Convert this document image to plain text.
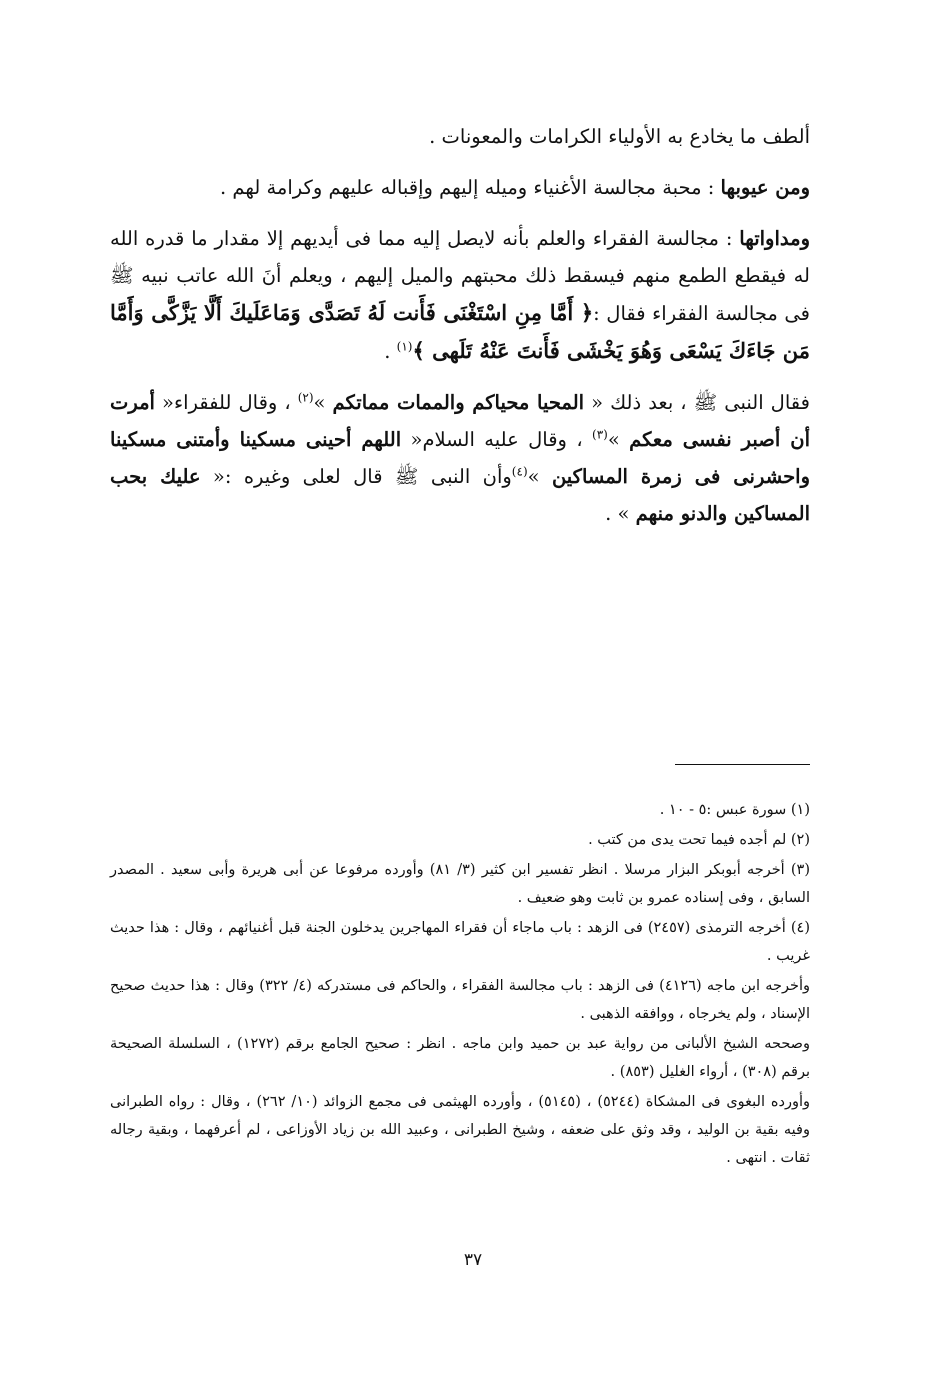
ألطف ما يخادع به الأولياء الكرامات والمعونات .

ومن عيوبها : محبة مجالسة الأغنياء وميله إليهم وإقباله عليهم وكرامة لهم .

ومداواتها : مجالسة الفقراء والعلم بأنه لايصل إليه مما فى أيديهم إلا مقدار ما قدره الله له فيقطع الطمع منهم فيسقط ذلك محبتهم والميل إليهم ، ويعلم أنَ الله عاتب نبيه ﷺ فى مجالسة الفقراء فقال :﴿ أَمَّا مِنِ اسْتَغْنَى فَأَنت لَهُ تَصَدَّى وَمَاعَلَيكَ أَلَّا يَزَّكَّى وَأَمَّا مَن جَاءَكَ يَسْعَى وَهُوَ يَخْشَى فَأَنتَ عَنْهُ تَلَهى ﴾$^{(١)}$ .

فقال النبى ﷺ ، بعد ذلك « المحيا محياكم والممات مماتكم »$^{(٢)}$ ، وقال للفقراء« أمرت أن أصبر نفسى معكم »$^{(٣)}$ ، وقال عليه السلام« اللهم أحينى مسكينا وأمتنى مسكينا واحشرنى فى زمرة المساكين »$^{(٤)}$وأن النبى ﷺ قال لعلى وغيره :« عليك بحب المساكين والدنو منهم » .

(١) سورة عبس :٥ - ١٠ .

(٢) لم أجده فيما تحت يدى من كتب .

(٣) أخرجه أبوبكر البزار مرسلا . انظر تفسير ابن كثير (٣/ ٨١) وأورده مرفوعا عن أبى هريرة وأبى سعيد . المصدر السابق ، وفى إسناده عمرو بن ثابت وهو ضعيف .

(٤) أخرجه الترمذى (٢٤٥٧) فى الزهد : باب ماجاء أن فقراء المهاجرين يدخلون الجنة قبل أغنيائهم ، وقال : هذا حديث غريب .

وأخرجه ابن ماجه (٤١٢٦) فى الزهد : باب مجالسة الفقراء ، والحاكم فى مستدركه (٤/ ٣٢٢) وقال : هذا حديث صحيح الإسناد ، ولم يخرجاه ، ووافقه الذهبى .

وصححه الشيخ الألبانى من رواية عبد بن حميد وابن ماجه . انظر : صحيح الجامع برقم (١٢٧٢) ، السلسلة الصحيحة برقم (٣٠٨) ، أرواء الغليل (٨٥٣) .

وأورده البغوى فى المشكاة (٥٢٤٤) ، (٥١٤٥) ، وأورده الهيثمى فى مجمع الزوائد (١٠/ ٢٦٢) ، وقال : رواه الطبرانى وفيه بقية بن الوليد ، وقد وثق على ضعفه ، وشيخ الطبرانى ، وعبيد الله بن زياد الأوزاعى ، لم أعرفهما ، وبقية رجاله ثقات . انتهى .

٣٧
